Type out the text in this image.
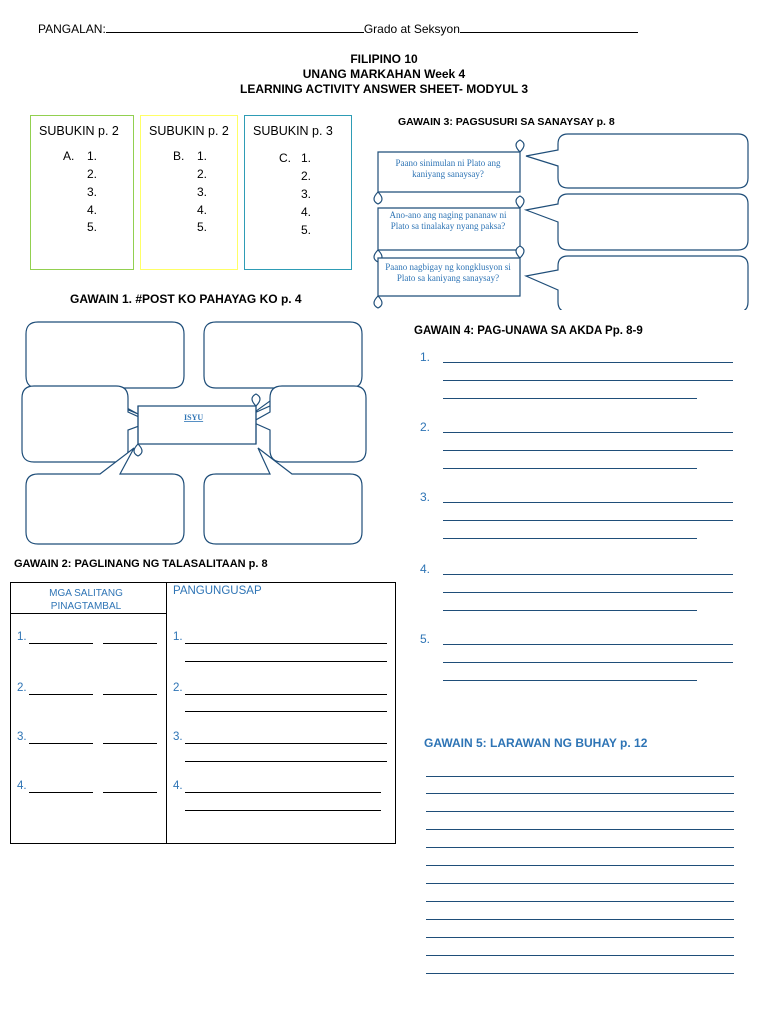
PANGALAN:	Grado at Seksyon
FILIPINO 10
UNANG MARKAHAN Week 4
LEARNING ACTIVITY ANSWER SHEET- MODYUL 3
SUBUKIN p. 2
A. 1.
2.
3.
4.
5.
SUBUKIN p. 2
B. 1.
2.
3.
4.
5.
SUBUKIN p. 3
C. 1.
2.
3.
4.
5.
GAWAIN 1. #POST KO PAHAYAG KO p. 4
ISYU
GAWAIN 2: PAGLINANG NG TALASALITAAN p. 8
MGA SALITANG PINAGTAMBAL
PANGUNGUSAP
1.	1.
2.	2.
3.	3.
4.	4.
GAWAIN 3: PAGSUSURI SA SANAYSAY p. 8
Paano sinimulan ni Plato ang kaniyang sanaysay?
Ano-ano ang naging pananaw ni Plato sa tinalakay nyang paksa?
Paano nagbigay ng kongklusyon si Plato sa kaniyang sanaysay?
GAWAIN 4: PAG-UNAWA SA AKDA Pp. 8-9
1.
2.
3.
4.
5.
GAWAIN 5: LARAWAN NG BUHAY p. 12
